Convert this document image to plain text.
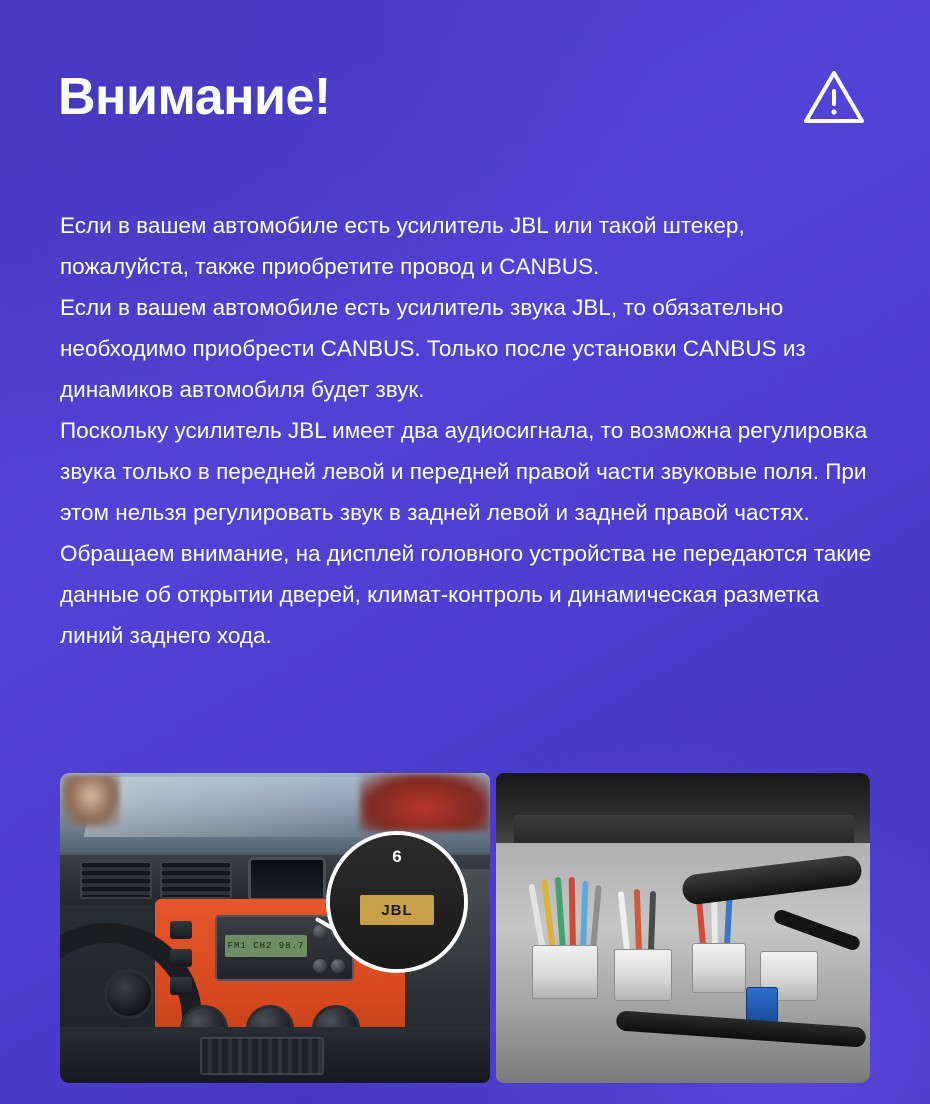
Внимание!

Если в вашем автомобиле есть усилитель JBL или такой штекер, пожалуйста, также приобретите провод и CANBUS.

Если в вашем автомобиле есть усилитель звука JBL, то обязательно необходимо приобрести CANBUS. Только после установки CANBUS из динамиков автомобиля будет звук.

Поскольку усилитель JBL имеет два аудиосигнала, то возможна регулировка звука только в передней левой и передней правой части звуковые поля. При этом нельзя регулировать звук в задней левой и задней правой частях.

Обращаем внимание, на дисплей головного устройства не передаются такие данные об открытии дверей, климат-контроль и динамическая разметка линий заднего хода.

FM1 CH2 98.7
6
JBL
